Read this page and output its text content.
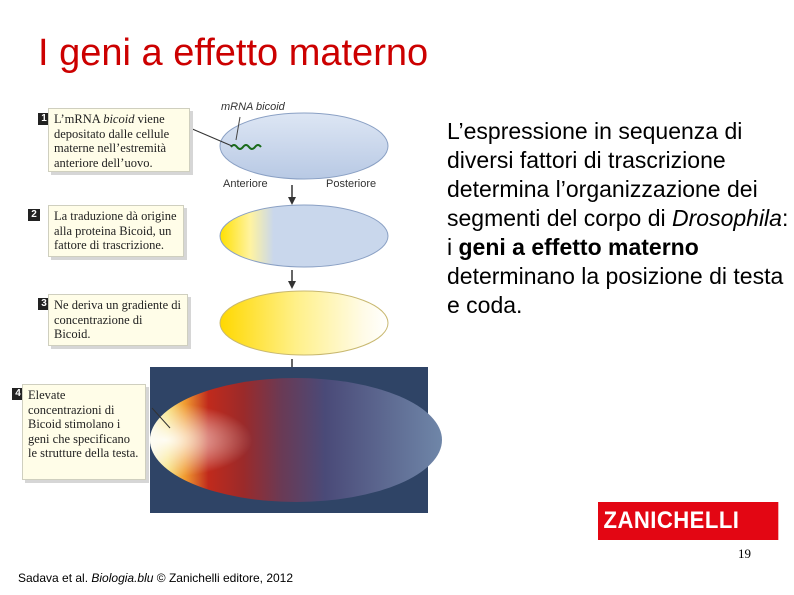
I geni a effetto materno
L’espressione in sequenza di diversi fattori di trascrizione determina l’organizzazione dei segmenti del corpo di Drosophila: i geni a effetto materno determinano la posizione di testa e coda.
mRNA bicoid
Anteriore	Posteriore
1 L’mRNA bicoid viene depositato dalle cellule materne nell’estremità anteriore dell’uovo.
2	La traduzione dà origine alla proteina Bicoid, un fattore di trascrizione.
3 Ne deriva un gradiente di concentrazione di Bicoid.
4 Elevate concentrazioni di Bicoid stimolano i geni che specificano le strutture della testa.
ZANICHELLI
19
Sadava et al. Biologia.blu © Zanichelli editore, 2012
